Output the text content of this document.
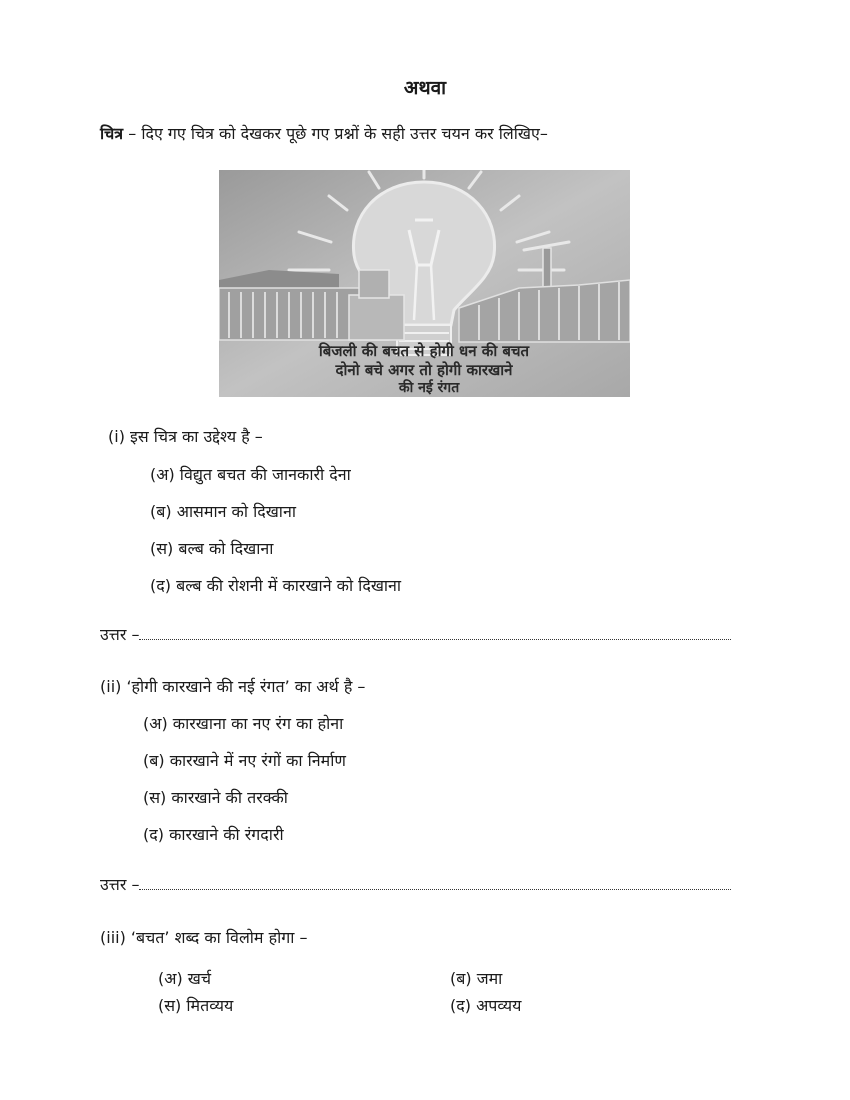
अथवा
चित्र – दिए गए चित्र को देखकर पूछे गए प्रश्नों के सही उत्तर चयन कर लिखिए–
बिजली की बचत से होगी धन की बचत
दोनो बचे अगर तो होगी कारखाने
की नई रंगत
(i) इस चित्र का उद्देश्य है –
(अ) विद्युत बचत की जानकारी देना
(ब) आसमान को दिखाना
(स) बल्ब को दिखाना
(द) बल्ब की रोशनी में कारखाने को दिखाना
उत्तर –
(ii) ‘होगी कारखाने की नई रंगत’ का अर्थ है –
(अ) कारखाना का नए रंग का होना
(ब) कारखाने में नए रंगों का निर्माण
(स) कारखाने की तरक्की
(द) कारखाने की रंगदारी
उत्तर –
(iii) ‘बचत’ शब्द का विलोम होगा –
(अ) खर्च	(ब) जमा
(स) मितव्यय	(द) अपव्यय
